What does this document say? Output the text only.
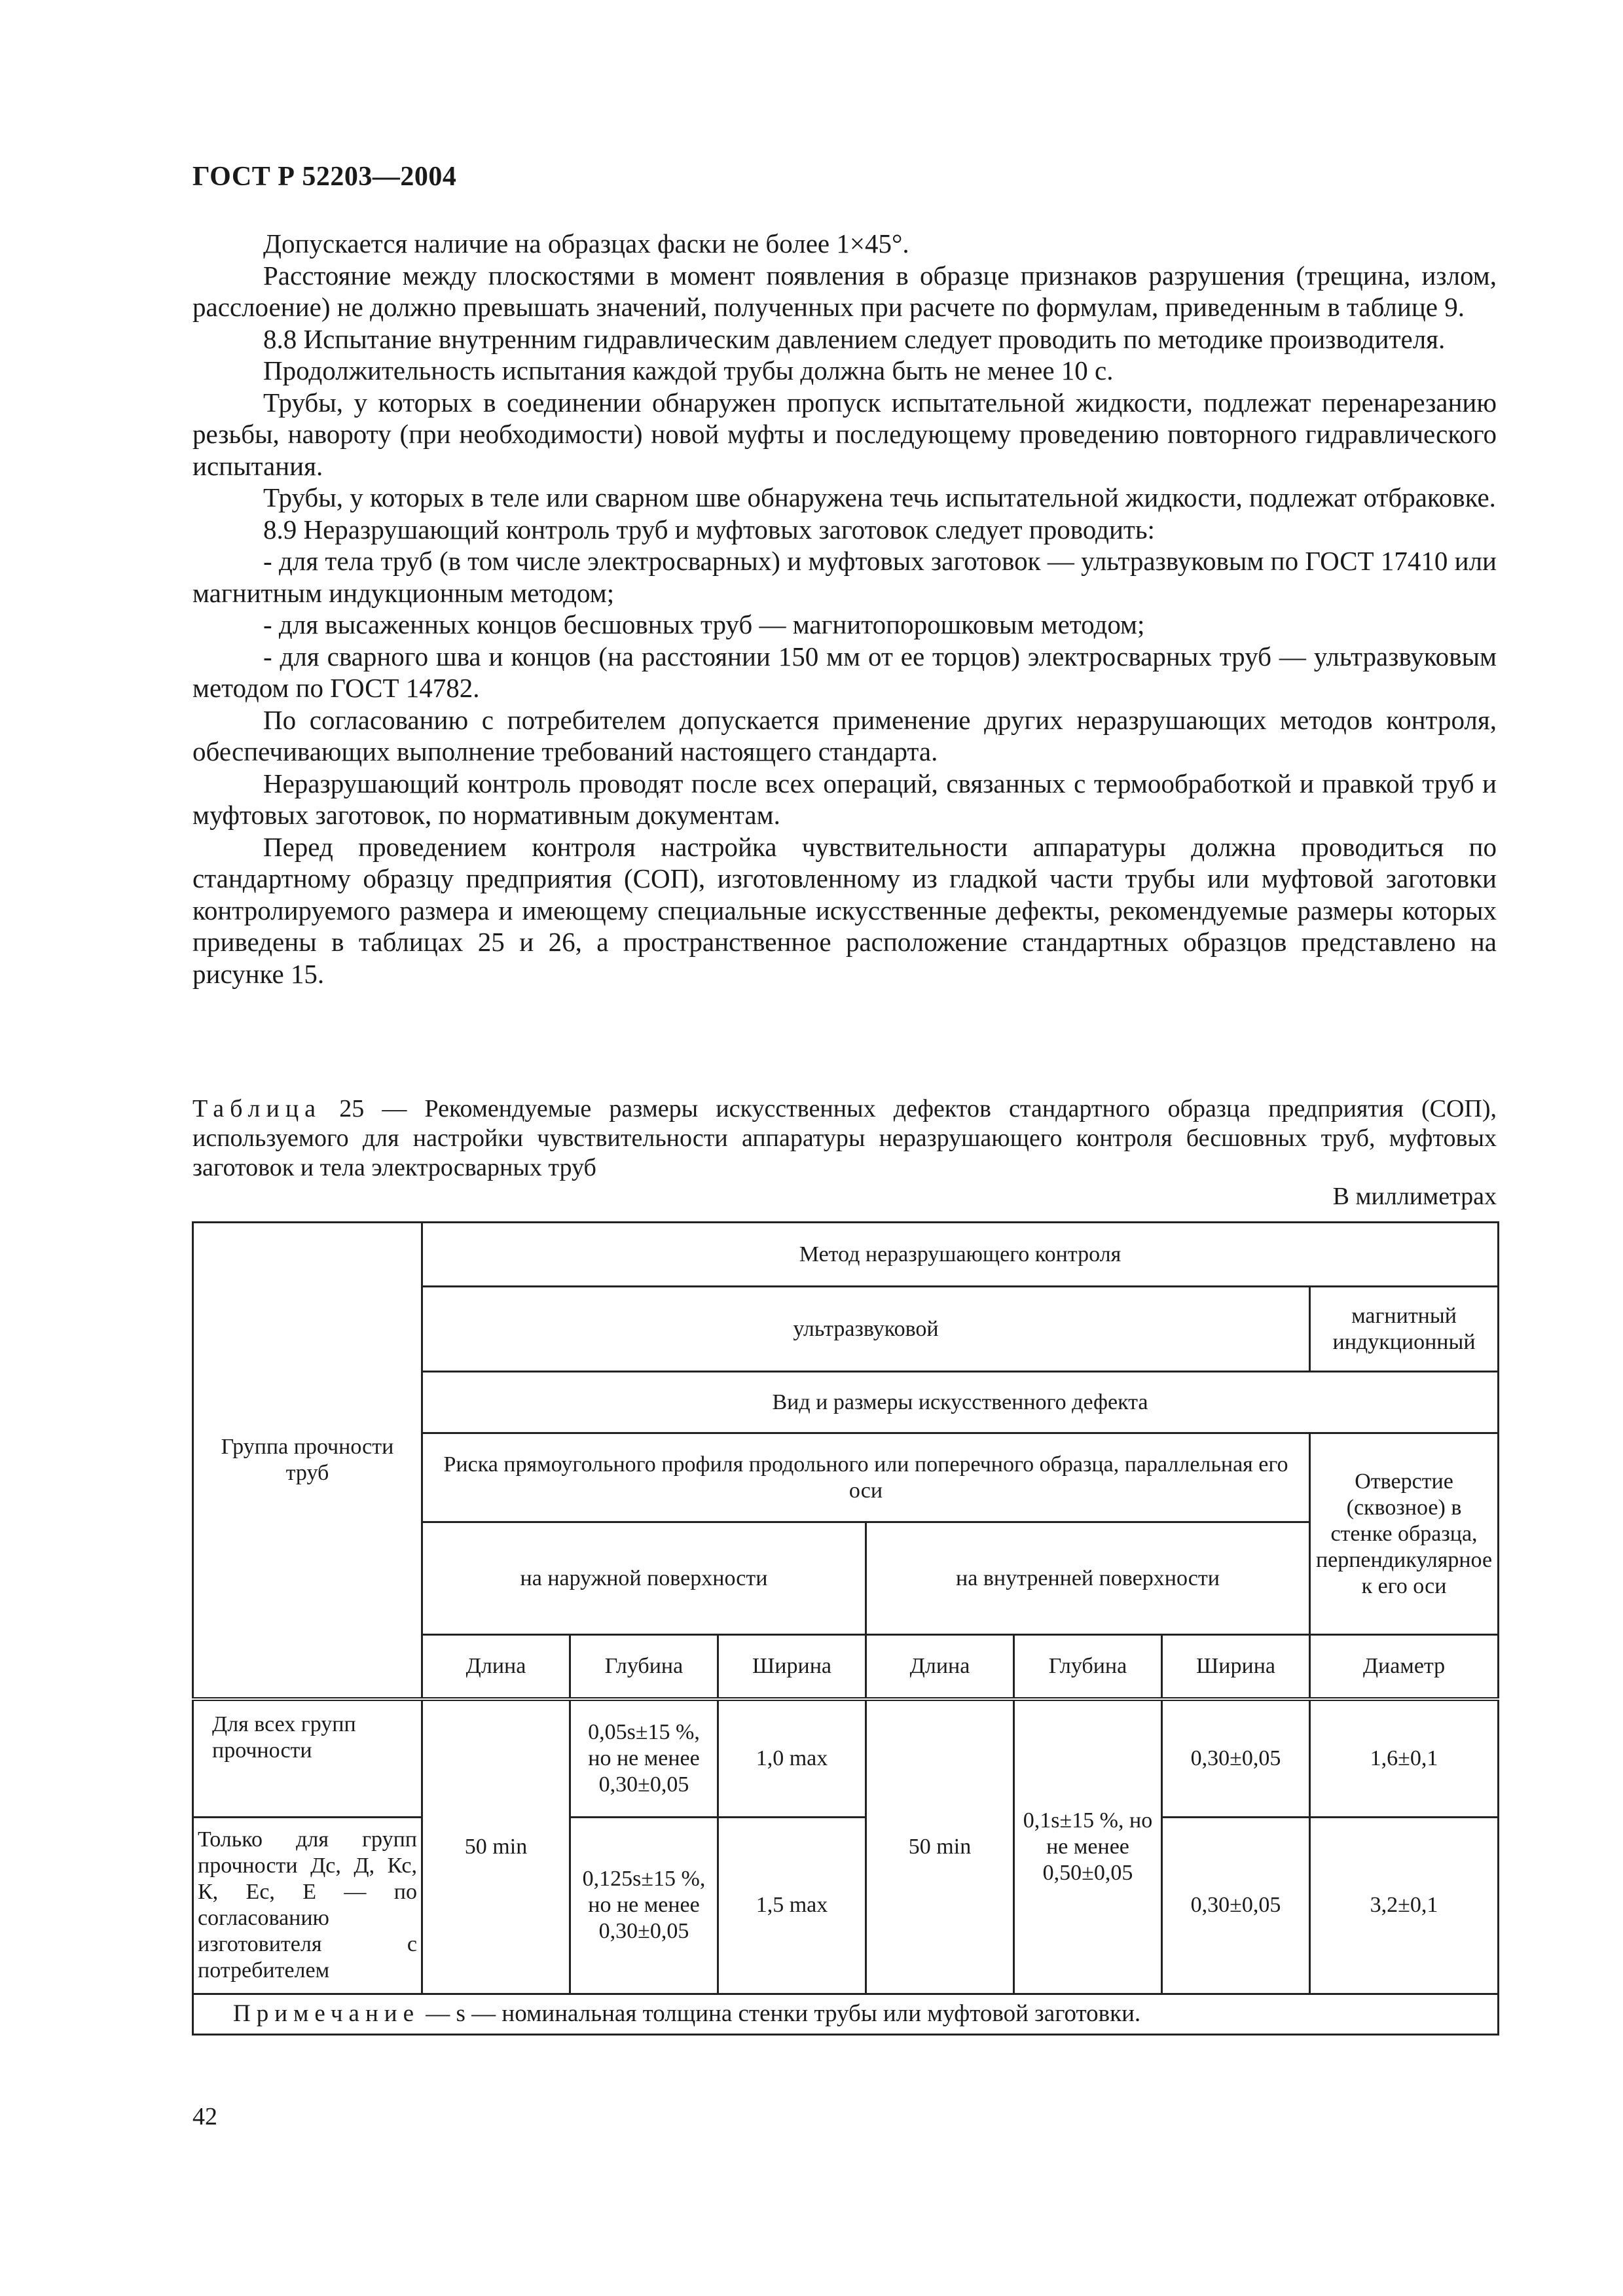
ГОСТ Р 52203—2004

Допускается наличие на образцах фаски не более 1×45°.

Расстояние между плоскостями в момент появления в образце признаков разрушения (трещина, излом, расслоение) не должно превышать значений, полученных при расчете по формулам, приведенным в таблице 9.

8.8 Испытание внутренним гидравлическим давлением следует проводить по методике производителя.

Продолжительность испытания каждой трубы должна быть не менее 10 с.

Трубы, у которых в соединении обнаружен пропуск испытательной жидкости, подлежат перенарезанию резьбы, навороту (при необходимости) новой муфты и последующему проведению повторного гидравлического испытания.

Трубы, у которых в теле или сварном шве обнаружена течь испытательной жидкости, подлежат отбраковке.

8.9 Неразрушающий контроль труб и муфтовых заготовок следует проводить:

- для тела труб (в том числе электросварных) и муфтовых заготовок — ультразвуковым по ГОСТ 17410 или магнитным индукционным методом;

- для высаженных концов бесшовных труб — магнитопорошковым методом;

- для сварного шва и концов (на расстоянии 150 мм от ее торцов) электросварных труб — ультразвуковым методом по ГОСТ 14782.

По согласованию с потребителем допускается применение других неразрушающих методов контроля, обеспечивающих выполнение требований настоящего стандарта.

Неразрушающий контроль проводят после всех операций, связанных с термообработкой и правкой труб и муфтовых заготовок, по нормативным документам.

Перед проведением контроля настройка чувствительности аппаратуры должна проводиться по стандартному образцу предприятия (СОП), изготовленному из гладкой части трубы или муфтовой заготовки контролируемого размера и имеющему специальные искусственные дефекты, рекомендуемые размеры которых приведены в таблицах 25 и 26, а пространственное расположение стандартных образцов представлено на рисунке 15.

Таблица 25 — Рекомендуемые размеры искусственных дефектов стандартного образца предприятия (СОП), используемого для настройки чувствительности аппаратуры неразрушающего контроля бесшовных труб, муфтовых заготовок и тела электросварных труб
В миллиметрах
Группа прочности труб	Метод неразрушающего контроля						
	ультразвуковой						магнитный индукционный
	Вид и размеры искусственного дефекта						
	Риска прямоугольного профиля продольного или поперечного образца, параллельная его оси						Отверстие (сквозное) в стенке образца, перпендикулярное к его оси
	на наружной поверхности			на внутренней поверхности			
	Длина	Глубина	Ширина	Длина	Глубина	Ширина	Диаметр
Для всех групп прочности	50 min	0,05s±15 %, но не менее 0,30±0,05	1,0 max	50 min	0,1s±15 %, но не менее 0,50±0,05	0,30±0,05	1,6±0,1
Только для групп прочности Дс, Д, Кс, К, Ес, Е — по согласованию изготовителя с потребителем		0,125s±15 %, но не менее 0,30±0,05	1,5 max			0,30±0,05	3,2±0,1
Примечание — s — номинальная толщина стенки трубы или муфтовой заготовки.							
42
